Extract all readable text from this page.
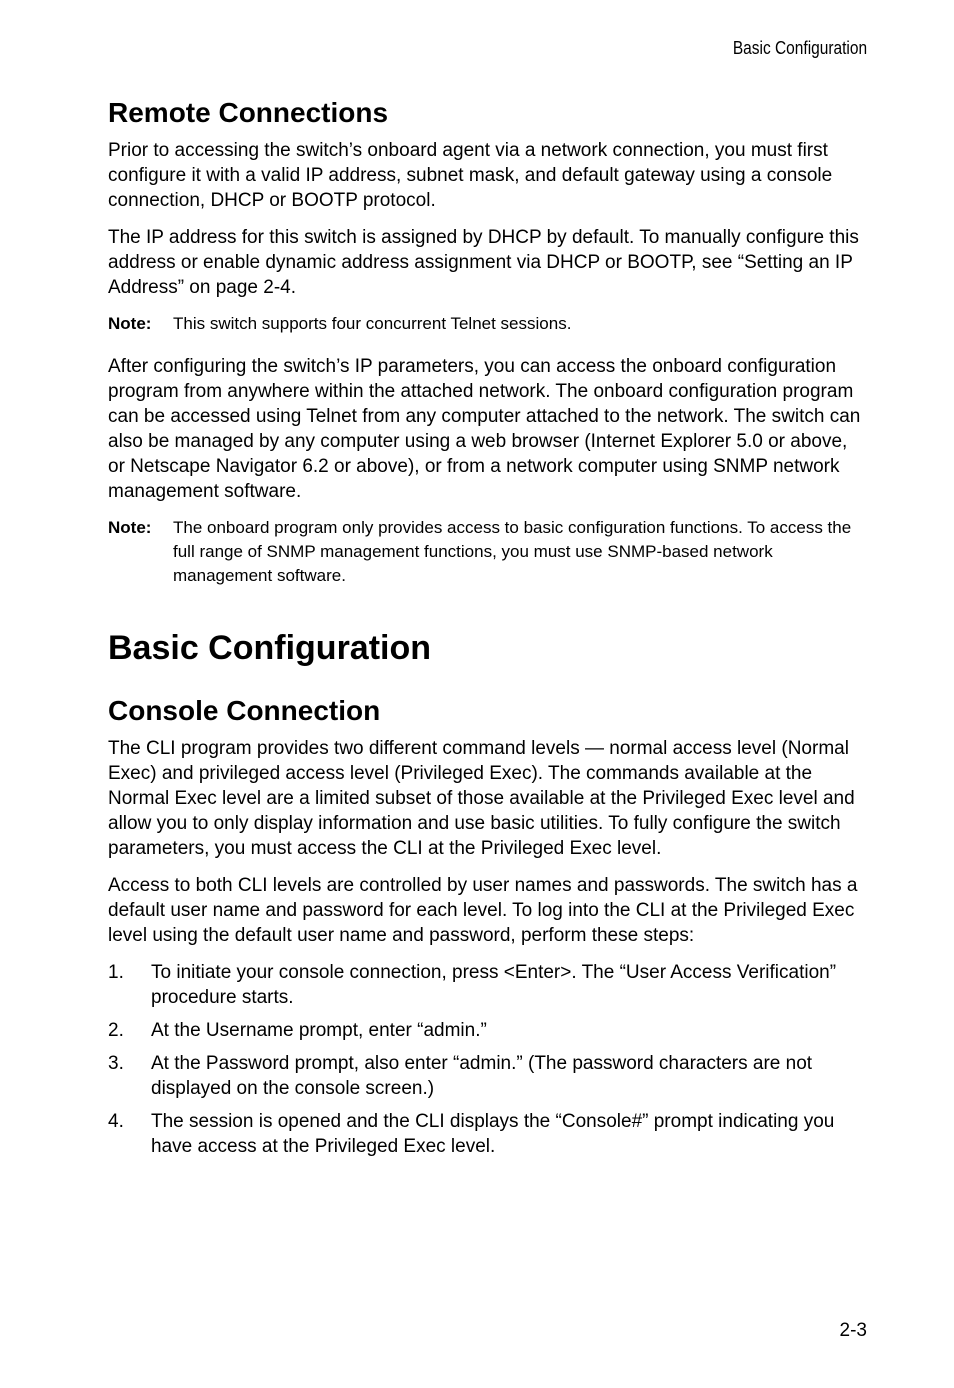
Basic Configuration
Remote Connections

Prior to accessing the switch’s onboard agent via a network connection, you must first configure it with a valid IP address, subnet mask, and default gateway using a console connection, DHCP or BOOTP protocol.

The IP address for this switch is assigned by DHCP by default. To manually configure this address or enable dynamic address assignment via DHCP or BOOTP, see “Setting an IP Address” on page 2-4.

Note:	This switch supports four concurrent Telnet sessions.

After configuring the switch’s IP parameters, you can access the onboard configuration program from anywhere within the attached network. The onboard configuration program can be accessed using Telnet from any computer attached to the network. The switch can also be managed by any computer using a web browser (Internet Explorer 5.0 or above, or Netscape Navigator 6.2 or above), or from a network computer using SNMP network management software.

Note:	The onboard program only provides access to basic configuration functions. To access the full range of SNMP management functions, you must use SNMP-based network management software.
Basic Configuration
Console Connection

The CLI program provides two different command levels — normal access level (Normal Exec) and privileged access level (Privileged Exec). The commands available at the Normal Exec level are a limited subset of those available at the Privileged Exec level and allow you to only display information and use basic utilities. To fully configure the switch parameters, you must access the CLI at the Privileged Exec level.

Access to both CLI levels are controlled by user names and passwords. The switch has a default user name and password for each level. To log into the CLI at the Privileged Exec level using the default user name and password, perform these steps:

1.	To initiate your console connection, press <Enter>. The “User Access Verification” procedure starts.
2.	At the Username prompt, enter “admin.”
3.	At the Password prompt, also enter “admin.” (The password characters are not displayed on the console screen.)
4.	The session is opened and the CLI displays the “Console#” prompt indicating you have access at the Privileged Exec level.
2-3
